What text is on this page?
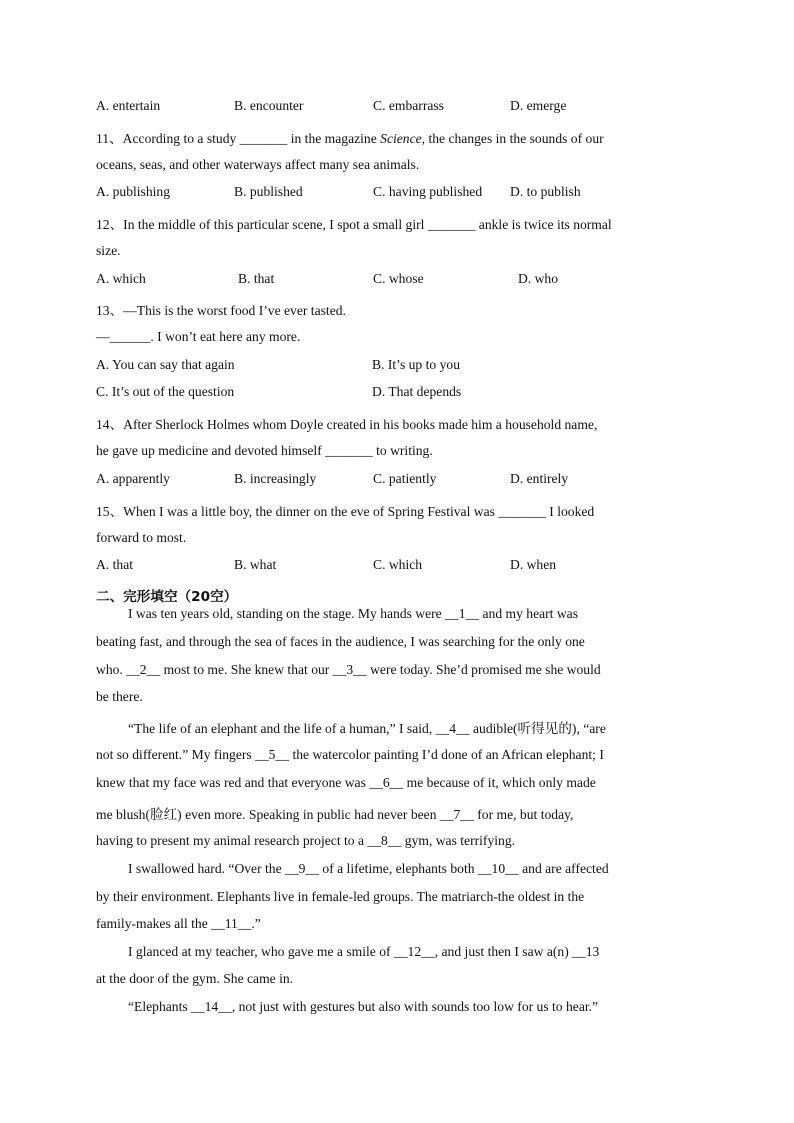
A. entertain	B. encounter	C. embarrass	D. emerge
11、According to a study _______ in the magazine Science, the changes in the sounds of our
oceans, seas, and other waterways affect many sea animals.
A. publishing	B. published	C. having published D. to publish
12、In the middle of this particular scene, I spot a small girl _______ ankle is twice its normal
size.
A. which	B. that	C. whose	D. who
13、—This is the worst food I’ve ever tasted.
—______. I won’t eat here any more.
A. You can say that again	B. It’s up to you
C. It’s out of the question	D. That depends
14、After Sherlock Holmes whom Doyle created in his books made him a household name,
he gave up medicine and devoted himself _______ to writing.
A. apparently	B. increasingly	C. patiently	D. entirely
15、When I was a little boy, the dinner on the eve of Spring Festival was _______ I looked
forward to most.
A. that	B. what	C. which	D. when
二、完形填空（20空）
I was ten years old, standing on the stage. My hands were __1__ and my heart was
beating fast, and through the sea of faces in the audience, I was searching for the only one
who. __2__ most to me. She knew that our __3__ were today. She’d promised me she would
be there.
“The life of an elephant and the life of a human,” I said, __4__ audible(听得见的), “are
not so different.” My fingers __5__ the watercolor painting I’d done of an African elephant; I
knew that my face was red and that everyone was __6__ me because of it, which only made
me blush(脸红) even more. Speaking in public had never been __7__ for me, but today,
having to present my animal research project to a __8__ gym, was terrifying.
I swallowed hard. “Over the __9__ of a lifetime, elephants both __10__ and are affected
by their environment. Elephants live in female-led groups. The matriarch-the oldest in the
family-makes all the __11__.”
I glanced at my teacher, who gave me a smile of __12__, and just then I saw a(n) __13
at the door of the gym. She came in.
“Elephants __14__, not just with gestures but also with sounds too low for us to hear.”
